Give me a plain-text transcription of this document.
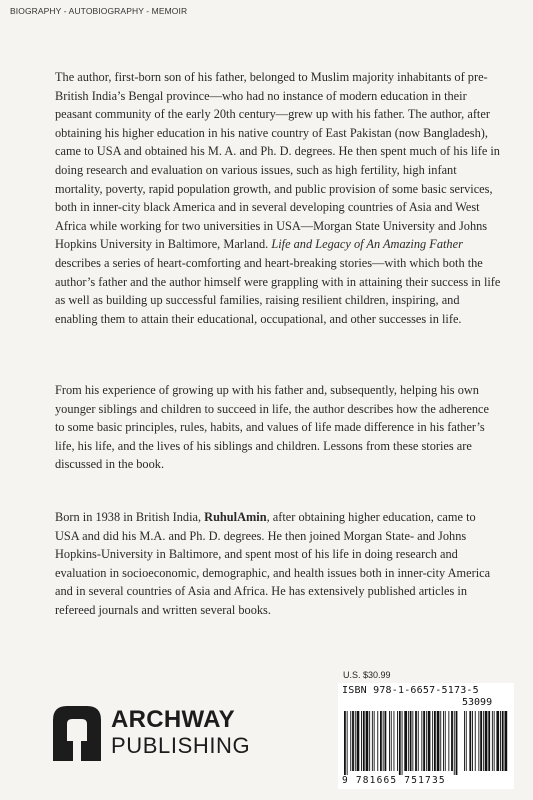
BIOGRAPHY - AUTOBIOGRAPHY - MEMOIR

The author, first-born son of his father, belonged to Muslim majority inhabitants of pre-British India’s Bengal province—who had no instance of modern education in their peasant community of the early 20th century—grew up with his father. The author, after obtaining his higher education in his native country of East Pakistan (now Bangladesh), came to USA and obtained his M. A. and Ph. D. degrees. He then spent much of his life in doing research and evaluation on various issues, such as high fertility, high infant mortality, poverty, rapid population growth, and public provision of some basic services, both in inner-city black America and in several developing countries of Asia and West Africa while working for two universities in USA—Morgan State University and Johns Hopkins University in Baltimore, Marland. Life and Legacy of An Amazing Father describes a series of heart-comforting and heart-breaking stories—with which both the author’s father and the author himself were grappling with in attaining their success in life as well as building up successful families, raising resilient children, inspiring, and enabling them to attain their educational, occupational, and other successes in life.

From his experience of growing up with his father and, subsequently, helping his own younger siblings and children to succeed in life, the author describes how the adherence to some basic principles, rules, habits, and values of life made difference in his father’s life, his life, and the lives of his siblings and children. Lessons from these stories are discussed in the book.

Born in 1938 in British India, RuhulAmin, after obtaining higher education, came to USA and did his M.A. and Ph. D. degrees. He then joined Morgan State- and Johns Hopkins-University in Baltimore, and spent most of his life in doing research and evaluation in socioeconomic, demographic, and health issues both in inner-city America and in several countries of Asia and Africa. He has extensively published articles in refereed journals and written several books.

ARCHWAY
PUBLISHING
U.S. $30.99
ISBN 978-1-6657-5173-5
53099
9 781665 751735
